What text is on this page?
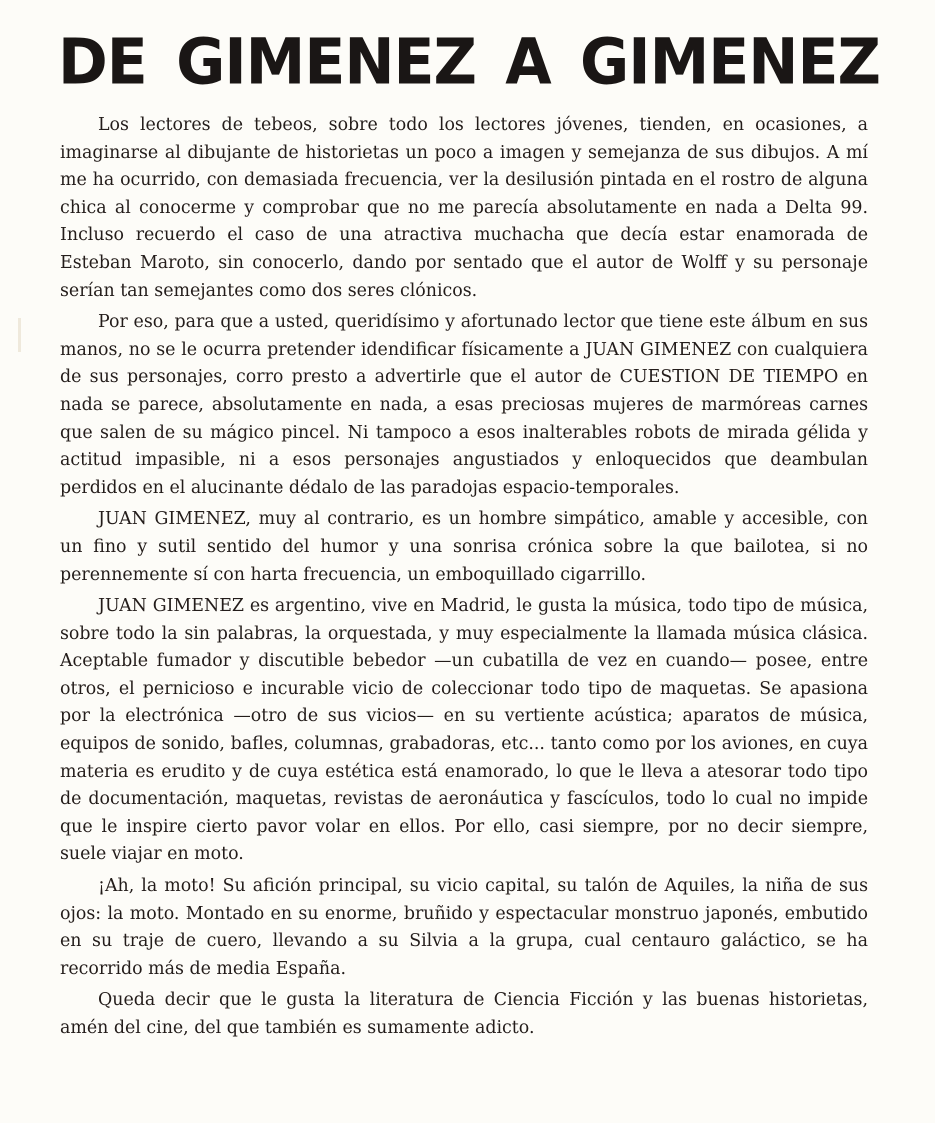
DE GIMENEZ A GIMENEZ

Los lectores de tebeos, sobre todo los lectores jóvenes, tienden, en ocasiones, a imaginarse al dibujante de historietas un poco a imagen y semejanza de sus dibujos. A mí me ha ocurrido, con demasiada frecuencia, ver la desilusión pintada en el rostro de alguna chica al conocerme y comprobar que no me parecía absolutamente en nada a Delta 99. Incluso recuerdo el caso de una atractiva muchacha que decía estar enamorada de Esteban Maroto, sin conocerlo, dando por sentado que el autor de Wolff y su personaje serían tan semejantes como dos seres clónicos.

Por eso, para que a usted, queridísimo y afortunado lector que tiene este álbum en sus manos, no se le ocurra pretender idendificar físicamente a JUAN GIMENEZ con cualquiera de sus personajes, corro presto a advertirle que el autor de CUESTION DE TIEMPO en nada se parece, absolutamente en nada, a esas preciosas mujeres de marmóreas carnes que salen de su mágico pincel. Ni tampoco a esos inalterables robots de mirada gélida y actitud impasible, ni a esos personajes angustiados y enloquecidos que deambulan perdidos en el alucinante dédalo de las paradojas espacio-temporales.

JUAN GIMENEZ, muy al contrario, es un hombre simpático, amable y accesible, con un fino y sutil sentido del humor y una sonrisa crónica sobre la que bailotea, si no perennemente sí con harta frecuencia, un emboquillado cigarrillo.

JUAN GIMENEZ es argentino, vive en Madrid, le gusta la música, todo tipo de música, sobre todo la sin palabras, la orquestada, y muy especialmente la llamada música clásica. Aceptable fumador y discutible bebedor —un cubatilla de vez en cuando— posee, entre otros, el pernicioso e incurable vicio de coleccionar todo tipo de maquetas. Se apasiona por la electrónica —otro de sus vicios— en su vertiente acústica; aparatos de música, equipos de sonido, bafles, columnas, grabadoras, etc... tanto como por los aviones, en cuya materia es erudito y de cuya estética está enamorado, lo que le lleva a atesorar todo tipo de documentación, maquetas, revistas de aeronáutica y fascículos, todo lo cual no impide que le inspire cierto pavor volar en ellos. Por ello, casi siempre, por no decir siempre, suele viajar en moto.

¡Ah, la moto! Su afición principal, su vicio capital, su talón de Aquiles, la niña de sus ojos: la moto. Montado en su enorme, bruñido y espectacular monstruo japonés, embutido en su traje de cuero, llevando a su Silvia a la grupa, cual centauro galáctico, se ha recorrido más de media España.

Queda decir que le gusta la literatura de Ciencia Ficción y las buenas historietas, amén del cine, del que también es sumamente adicto.
